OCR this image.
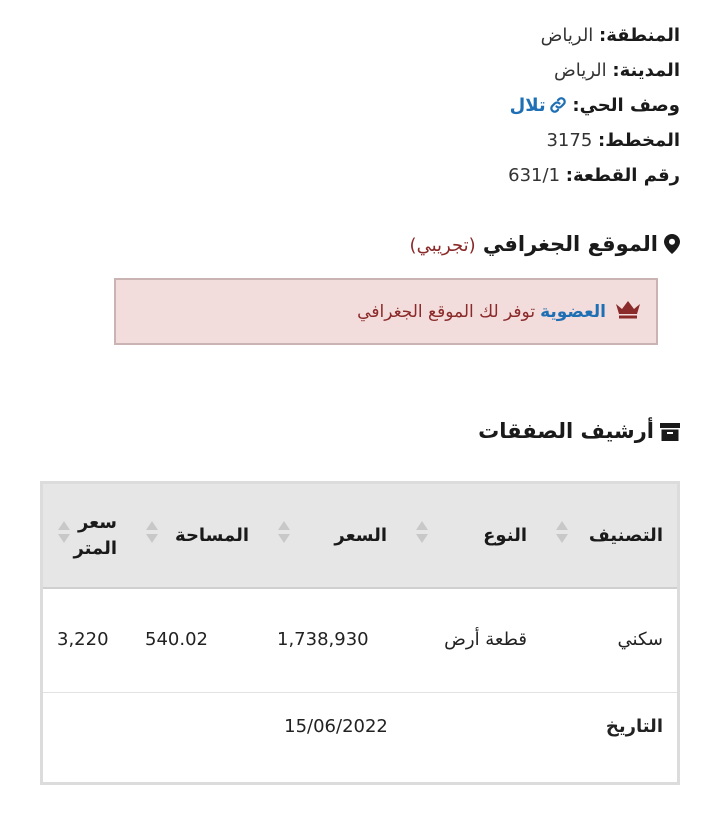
المنطقة: الرياض
المدينة: الرياض
وصف الحي: تلال
المخطط: 3175
رقم القطعة: 631/1
الموقع الجغرافي (تجريبي)
العضوية
توفر لك الموقع الجغرافي
أرشيف الصفقات
التصنيف	النوع	السعر	المساحة	سعر المتر

سكني	قطعة أرض	1,738,930	540.02	3,220
التاريخ	15/06/2022			
